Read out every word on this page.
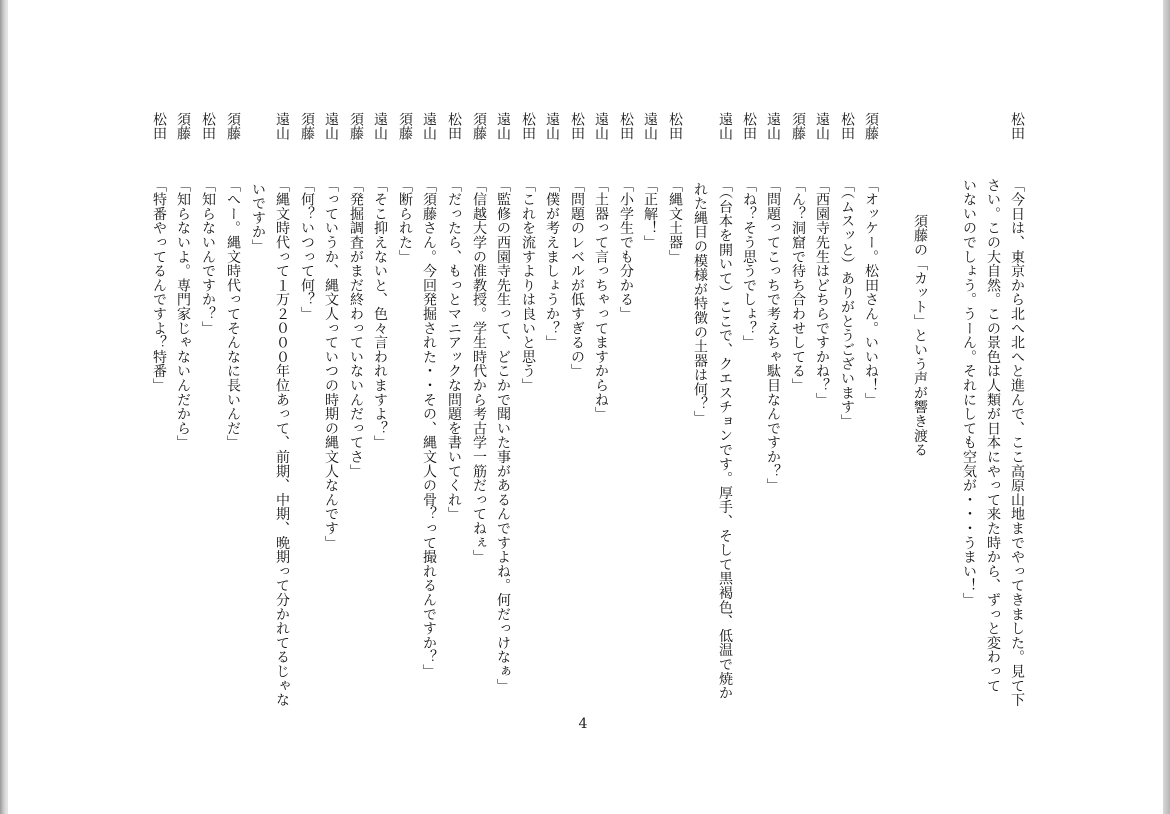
松田
「今日は、東京から北へ北へと進んで、ここ高原山地までやってきました。見て下
さい。この大自然。この景色は人類が日本にやって来た時から、ずっと変わって
いないのでしょう。うーん。それにしても空気が・・・うまい！」
須藤の「カット」という声が響き渡る
須藤
「オッケー。松田さん。いいね！」
松田
「（ムスッと）ありがとうございます」
遠山
「西園寺先生はどちらですかね？」
須藤
「ん？洞窟で待ち合わせしてる」
遠山
「問題ってこっちで考えちゃ駄目なんですか？」
松田
「ね？そう思うでしょ？」
遠山
「（台本を開いて）ここで、クエスチョンです。厚手、そして黒褐色、低温で焼か
れた縄目の模様が特徴の土器は何？」
松田
「縄文土器」
遠山
「正解！」
松田
「小学生でも分かる」
遠山
「土器って言っちゃってますからね」
松田
「問題のレベルが低すぎるの」
遠山
「僕が考えましょうか？」
松田
「これを流すよりは良いと思う」
遠山
「監修の西園寺先生って、どこかで聞いた事があるんですよね。何だっけなぁ」
須藤
「信越大学の准教授。学生時代から考古学一筋だってねぇ」
松田
「だったら、もっとマニアックな問題を書いてくれ」
遠山
「須藤さん。今回発掘された・・その、縄文人の骨？って撮れるんですか？」
須藤
「断られた」
遠山
「そこ抑えないと、色々言われますよ？」
須藤
「発掘調査がまだ終わっていないんだってさ」
遠山
「っていうか、縄文人っていつの時期の縄文人なんです」
須藤
「何？いつって何？」
遠山
「縄文時代って１万２０００年位あって、前期、中期、晩期って分かれてるじゃな
いですか」
須藤
「へー。縄文時代ってそんなに長いんだ」
松田
「知らないんですか？」
須藤
「知らないよ。専門家じゃないんだから」
松田
「特番やってるんですよ？特番」
4
